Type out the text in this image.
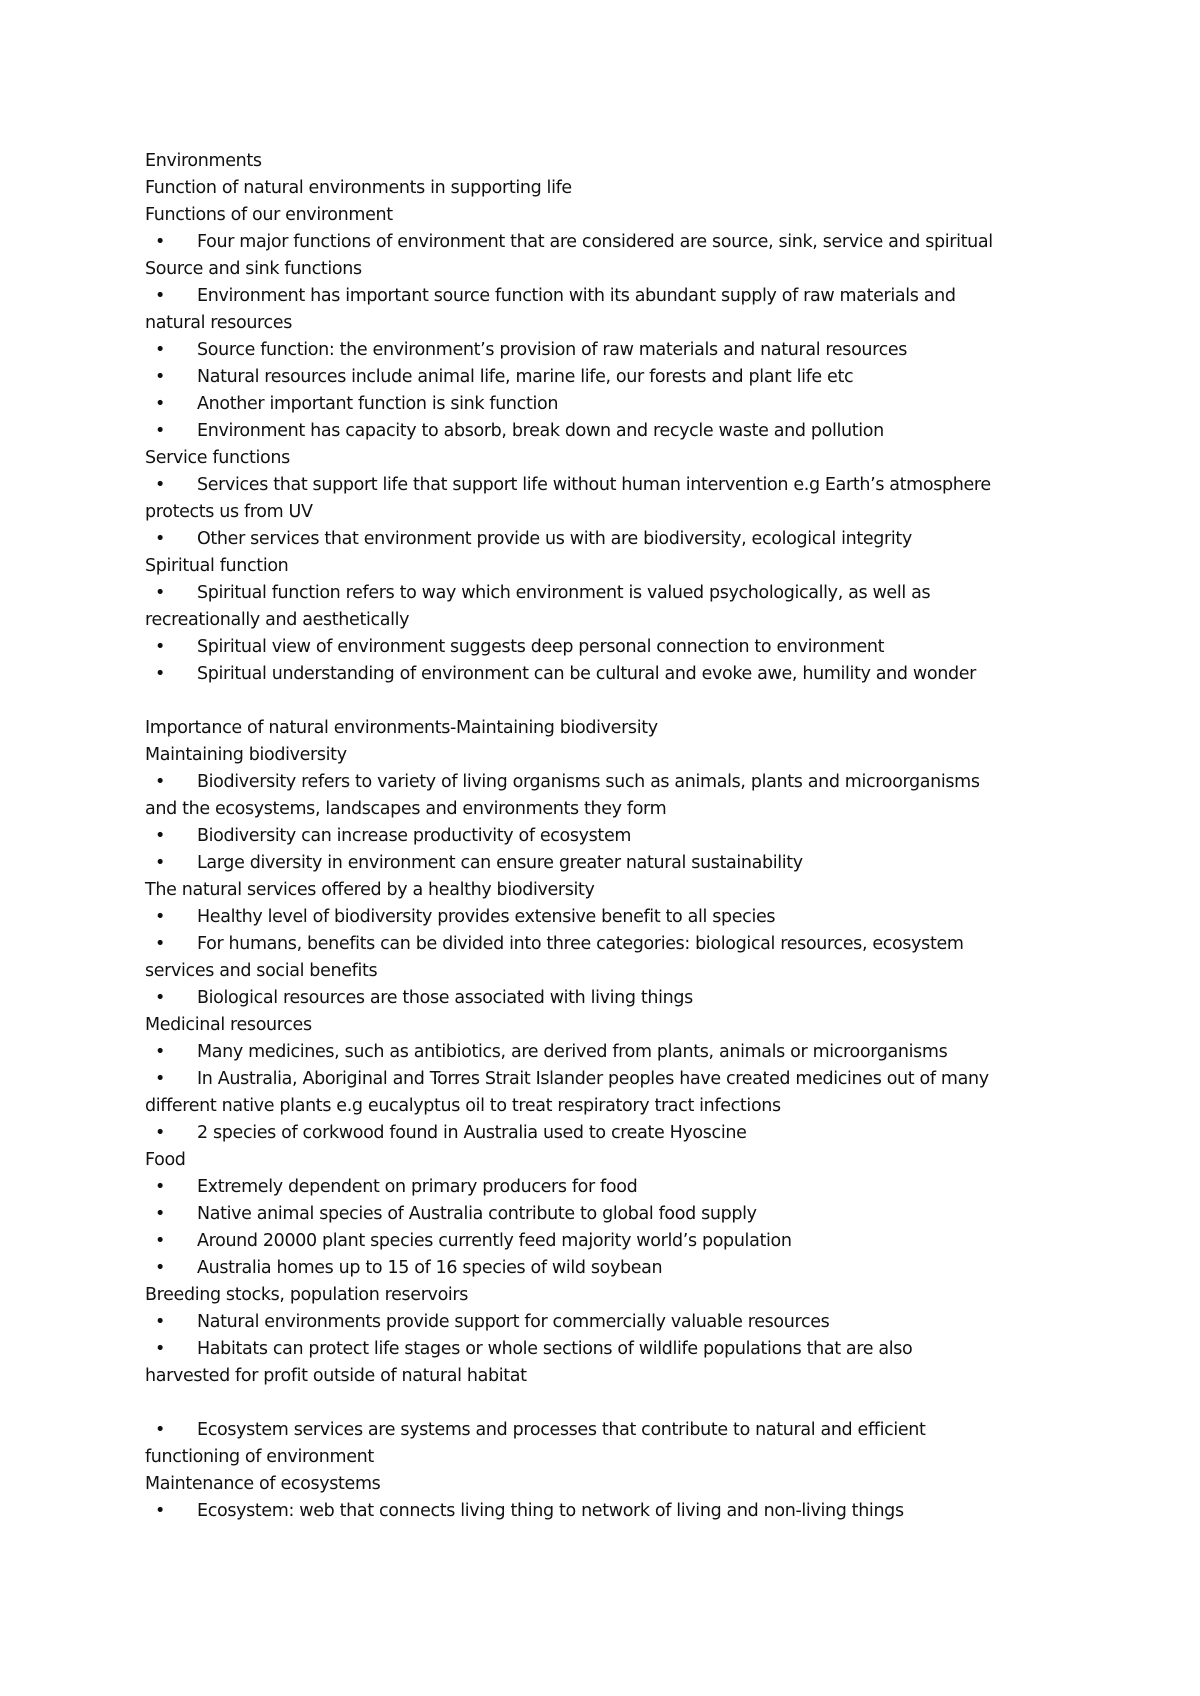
Environments
Function of natural environments in supporting life
Functions of our environment
• Four major functions of environment that are considered are source, sink, service and spiritual
Source and sink functions
• Environment has important source function with its abundant supply of raw materials and
natural resources
• Source function: the environment’s provision of raw materials and natural resources
• Natural resources include animal life, marine life, our forests and plant life etc
• Another important function is sink function
• Environment has capacity to absorb, break down and recycle waste and pollution
Service functions
• Services that support life that support life without human intervention e.g Earth’s atmosphere
protects us from UV
• Other services that environment provide us with are biodiversity, ecological integrity
Spiritual function
• Spiritual function refers to way which environment is valued psychologically, as well as
recreationally and aesthetically
• Spiritual view of environment suggests deep personal connection to environment
• Spiritual understanding of environment can be cultural and evoke awe, humility and wonder
Importance of natural environments-Maintaining biodiversity
Maintaining biodiversity
• Biodiversity refers to variety of living organisms such as animals, plants and microorganisms
and the ecosystems, landscapes and environments they form
• Biodiversity can increase productivity of ecosystem
• Large diversity in environment can ensure greater natural sustainability
The natural services offered by a healthy biodiversity
• Healthy level of biodiversity provides extensive benefit to all species
• For humans, benefits can be divided into three categories: biological resources, ecosystem
services and social benefits
• Biological resources are those associated with living things
Medicinal resources
• Many medicines, such as antibiotics, are derived from plants, animals or microorganisms
• In Australia, Aboriginal and Torres Strait Islander peoples have created medicines out of many
different native plants e.g eucalyptus oil to treat respiratory tract infections
• 2 species of corkwood found in Australia used to create Hyoscine
Food
• Extremely dependent on primary producers for food
• Native animal species of Australia contribute to global food supply
• Around 20000 plant species currently feed majority world’s population
• Australia homes up to 15 of 16 species of wild soybean
Breeding stocks, population reservoirs
• Natural environments provide support for commercially valuable resources
• Habitats can protect life stages or whole sections of wildlife populations that are also
harvested for profit outside of natural habitat
• Ecosystem services are systems and processes that contribute to natural and efficient
functioning of environment
Maintenance of ecosystems
• Ecosystem: web that connects living thing to network of living and non-living things
